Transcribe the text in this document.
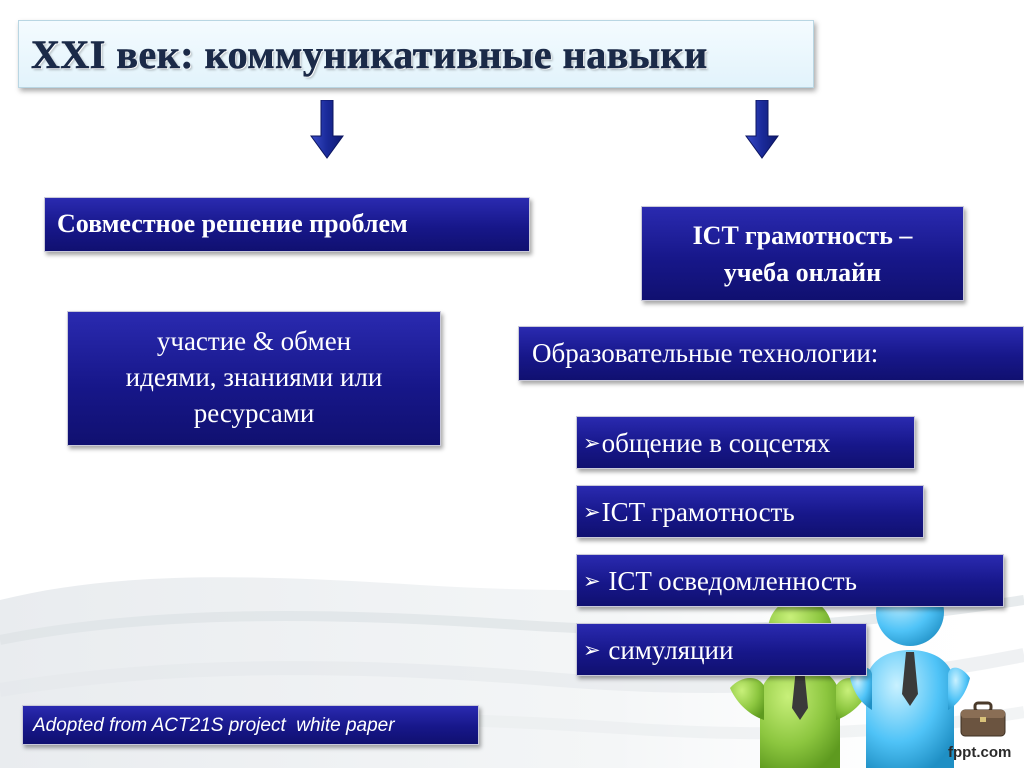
XXI век: коммуникативные навыки
Совместное решение проблем	ICT грамотность –
учеба онлайн
участие & обмен
идеями, знаниями или
ресурсами
Образовательные технологии:
➢общение в соцсетях
➢ICT грамотность
➢ ICT осведомленность
➢ симуляции
Adopted from ACT21S project  white paper
fppt.com
